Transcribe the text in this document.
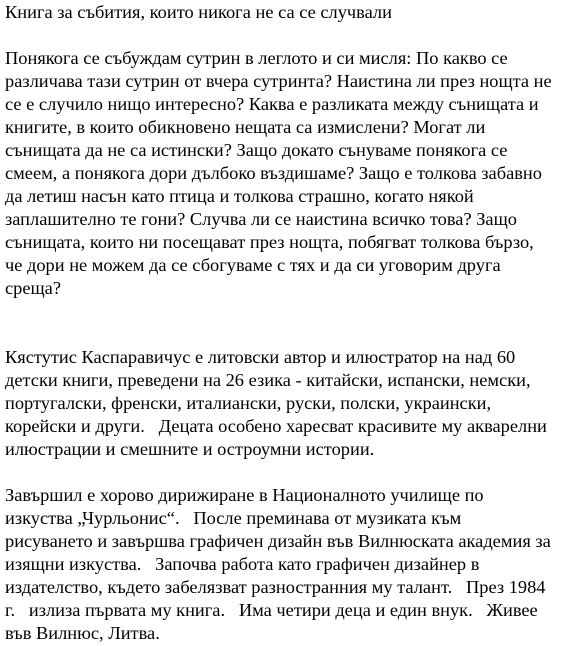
Книга за събития, които никога не са се случвали
Понякога се събуждам сутрин в леглото и си мисля: По какво се
различава тази сутрин от вчера сутринта? Наистина ли през нощта не
се е случило нищо интересно? Каква е разликата между сънищата и
книгите, в които обикновено нещата са измислени? Могат ли
сънищата да не са истински? Защо докато сънуваме понякога се
смеем, а понякога дори дълбоко въздишаме? Защо е толкова забавно
да летиш насън като птица и толкова страшно, когато някой
заплашително те гони? Случва ли се наистина всичко това? Защо
сънищата, които ни посещават през нощта, побягват толкова бързо,
че дори не можем да се сбогуваме с тях и да си уговорим друга
среща?
Кястутис Каспаравичус е литовски автор и илюстратор на над 60
детски книги, преведени на 26 езика - китайски, испански, немски,
португалски, френски, италиански, руски, полски, украински,
корейски и други.   Децата особено харесват красивите му акварелни
илюстрации и смешните и остроумни истории.
Завършил е хорово дирижиране в Националното училище по
изкуства „Чурльонис“.   После преминава от музиката към
рисуването и завършва графичен дизайн във Вилнюската академия за
изящни изкуства.   Започва работа като графичен дизайнер в
издателство, където забелязват разностранния му талант.   През 1984
г.   излиза първата му книга.   Има четири деца и един внук.   Живее
във Вилнюс, Литва.
